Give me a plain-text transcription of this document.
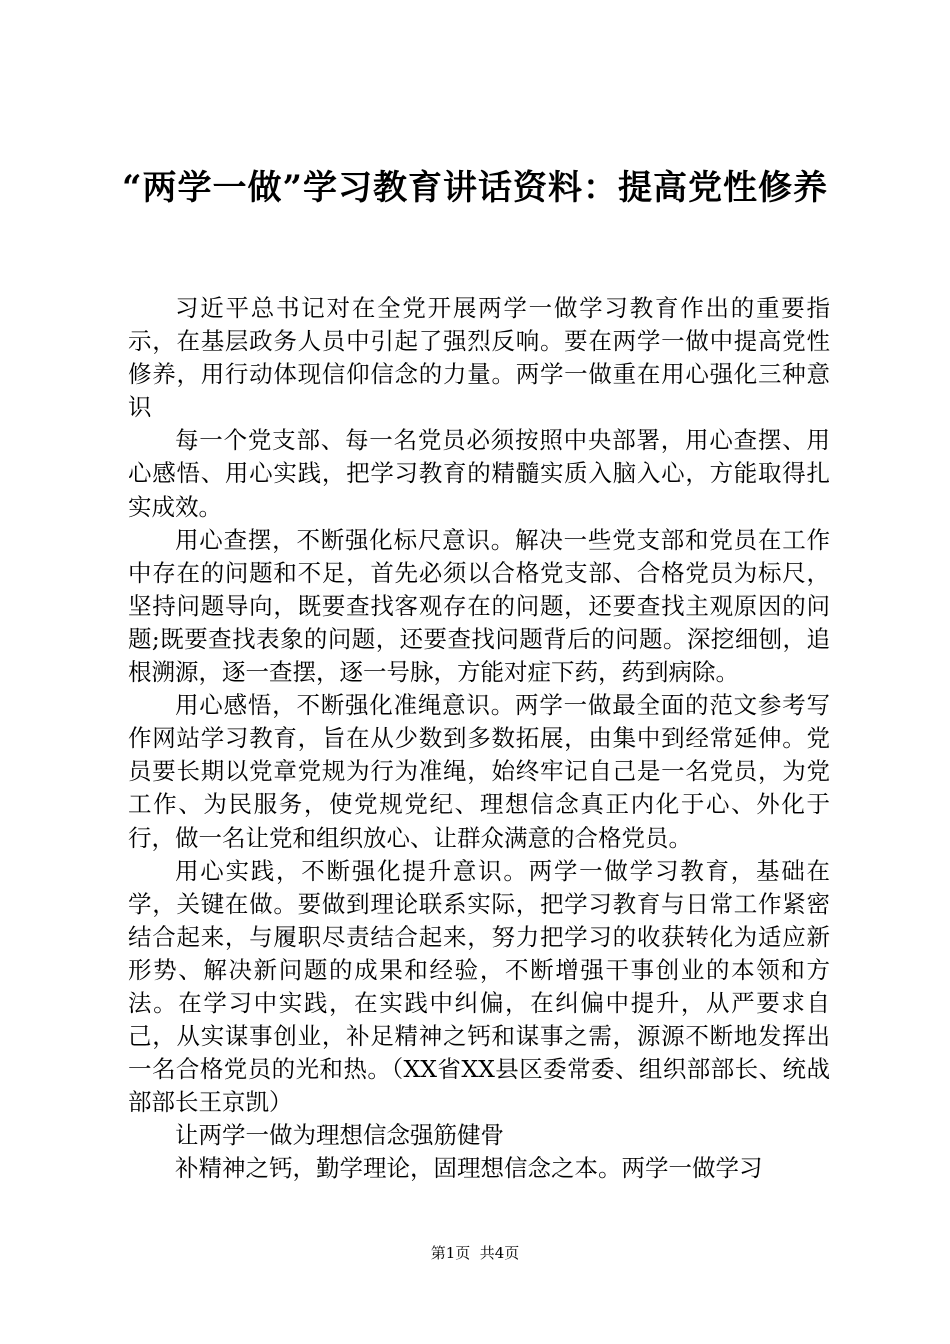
“两学一做”学习教育讲话资料：提高党性修养

习近平总书记对在全党开展两学一做学习教育作出的重要指示，在基层政务人员中引起了强烈反响。要在两学一做中提高党性修养，用行动体现信仰信念的力量。两学一做重在用心强化三种意识

每一个党支部、每一名党员必须按照中央部署，用心查摆、用心感悟、用心实践，把学习教育的精髓实质入脑入心，方能取得扎实成效。

用心查摆，不断强化标尺意识。解决一些党支部和党员在工作中存在的问题和不足，首先必须以合格党支部、合格党员为标尺，坚持问题导向，既要查找客观存在的问题，还要查找主观原因的问题;既要查找表象的问题，还要查找问题背后的问题。深挖细刨，追根溯源，逐一查摆，逐一号脉，方能对症下药，药到病除。

用心感悟，不断强化准绳意识。两学一做最全面的范文参考写作网站学习教育，旨在从少数到多数拓展，由集中到经常延伸。党员要长期以党章党规为行为准绳，始终牢记自己是一名党员，为党工作、为民服务，使党规党纪、理想信念真正内化于心、外化于行，做一名让党和组织放心、让群众满意的合格党员。

用心实践，不断强化提升意识。两学一做学习教育，基础在学，关键在做。要做到理论联系实际，把学习教育与日常工作紧密结合起来，与履职尽责结合起来，努力把学习的收获转化为适应新形势、解决新问题的成果和经验，不断增强干事创业的本领和方法。在学习中实践，在实践中纠偏，在纠偏中提升，从严要求自己，从实谋事创业，补足精神之钙和谋事之需，源源不断地发挥出一名合格党员的光和热。（XX省XX县区委常委、组织部部长、统战部部长王京凯）

让两学一做为理想信念强筋健骨

补精神之钙，勤学理论，固理想信念之本。两学一做学习

第1页  共4页
